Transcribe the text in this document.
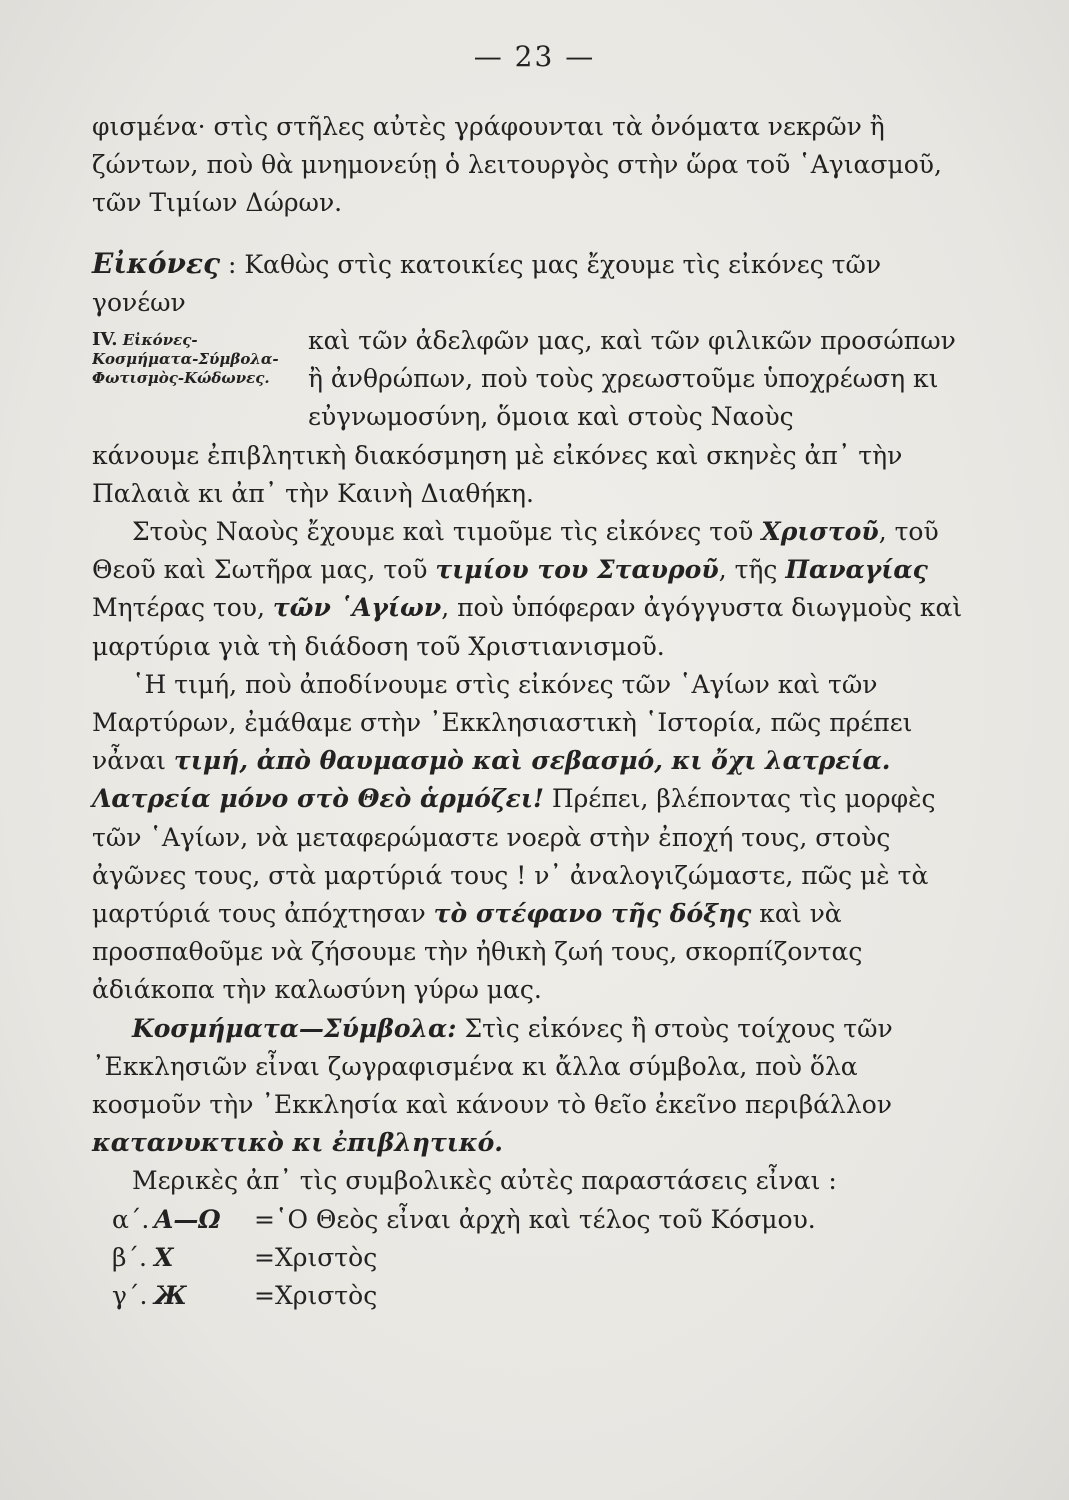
— 23 —

φισμένα· στὶς στῆλες αὐτὲς γράφουνται τὰ ὀνόματα νεκρῶν ἢ ζώντων, ποὺ θὰ μνημονεύῃ ὁ λειτουργὸς στὴν ὥρα τοῦ ῾Αγιασμοῦ, τῶν Τιμίων Δώρων.

Εἰκόνες : Καθὼς στὶς κατοικίες μας ἔχουμε τὶς εἰκόνες τῶν γονέων

IV. Εἰκόνες-Κοσμήματα-Σύμβολα-Φωτισμὸς-Κώδωνες.
καὶ τῶν ἀδελφῶν μας, καὶ τῶν φιλικῶν προσώπων ἢ ἀνθρώπων, ποὺ τοὺς χρεωστοῦμε ὑποχρέωση κι εὐγνωμοσύνη, ὅμοια καὶ στοὺς Ναοὺς

κάνουμε ἐπιβλητικὴ διακόσμηση μὲ εἰκόνες καὶ σκηνὲς ἀπ᾿ τὴν Παλαιὰ κι ἀπ᾿ τὴν Καινὴ Διαθήκη.

Στοὺς Ναοὺς ἔχουμε καὶ τιμοῦμε τὶς εἰκόνες τοῦ Χριστοῦ, τοῦ Θεοῦ καὶ Σωτῆρα μας, τοῦ τιμίου του Σταυροῦ, τῆς Παναγίας Μητέρας του, τῶν ῾Αγίων, ποὺ ὑπόφεραν ἀγόγγυστα διωγμοὺς καὶ μαρτύρια γιὰ τὴ διάδοση τοῦ Χριστιανισμοῦ.

῾Η τιμή, ποὺ ἀποδίνουμε στὶς εἰκόνες τῶν ῾Αγίων καὶ τῶν Μαρτύρων, ἐμάθαμε στὴν ᾿Εκκλησιαστικὴ ῾Ιστορία, πῶς πρέπει νἆναι τιμή, ἀπὸ θαυμασμὸ καὶ σεβασμό, κι ὄχι λατρεία. Λατρεία μόνο στὸ Θεὸ ἁρμόζει! Πρέπει, βλέποντας τὶς μορφὲς τῶν ῾Αγίων, νὰ μεταφερώμαστε νοερὰ στὴν ἐποχή τους, στοὺς ἀγῶνες τους, στὰ μαρτύριά τους ! ν᾿ ἀναλογιζώμαστε, πῶς μὲ τὰ μαρτύριά τους ἀπόχτησαν τὸ στέφανο τῆς δόξης καὶ νὰ προσπαθοῦμε νὰ ζήσουμε τὴν ἠθικὴ ζωή τους, σκορπίζοντας ἀδιάκοπα τὴν καλωσύνη γύρω μας.

Κοσμήματα—Σύμβολα: Στὶς εἰκόνες ἢ στοὺς τοίχους τῶν ᾿Εκκλησιῶν εἶναι ζωγραφισμένα κι ἄλλα σύμβολα, ποὺ ὅλα κοσμοῦν τὴν ᾿Εκκλησία καὶ κάνουν τὸ θεῖο ἐκεῖνο περιβάλλον κατανυκτικὸ κι ἐπιβλητικό.

Μερικὲς ἀπ᾿ τὶς συμβολικὲς αὐτὲς παραστάσεις εἶναι :

α΄. Α—Ω	=῾Ο Θεὸς εἶναι ἀρχὴ καὶ τέλος τοῦ Κόσμου.
β΄. Χ	=Χριστὸς
γ΄. Ж	=Χριστὸς
